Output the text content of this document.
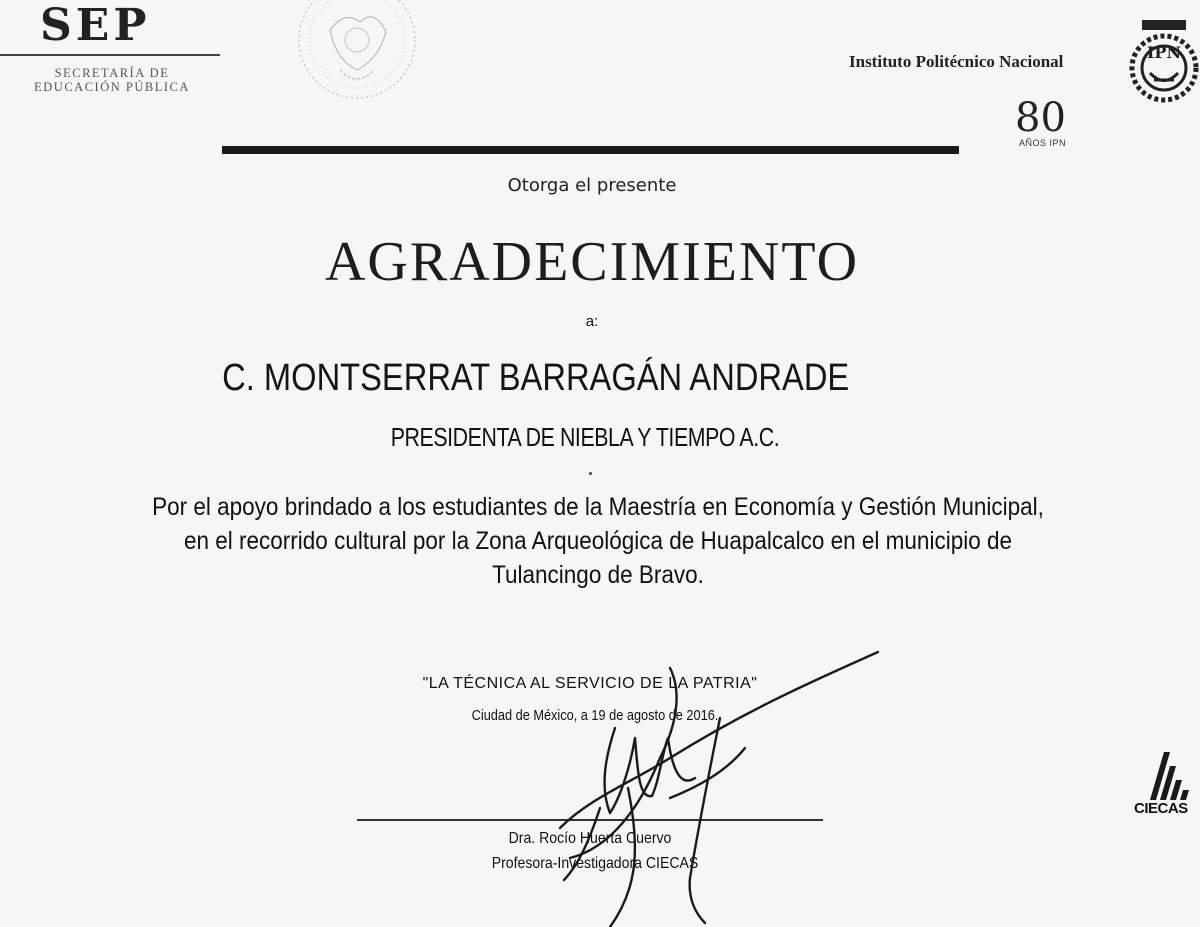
SEP
SECRETARÍA DE EDUCACIÓN PÚBLICA
Instituto Politécnico Nacional	IPN
80
AÑOS IPN
Otorga el presente
AGRADECIMIENTO
a:
C. MONTSERRAT BARRAGÁN ANDRADE
PRESIDENTA DE NIEBLA Y TIEMPO A.C.
Por el apoyo brindado a los estudiantes de la Maestría en Economía y Gestión Municipal,
en el recorrido cultural por la Zona Arqueológica de Huapalcalco en el municipio de
Tulancingo de Bravo.
"LA TÉCNICA AL SERVICIO DE LA PATRIA"
Ciudad de México, a 19 de agosto de 2016.
Dra. Rocío Huerta Cuervo
Profesora-Investigadora CIECAS
CIECAS
